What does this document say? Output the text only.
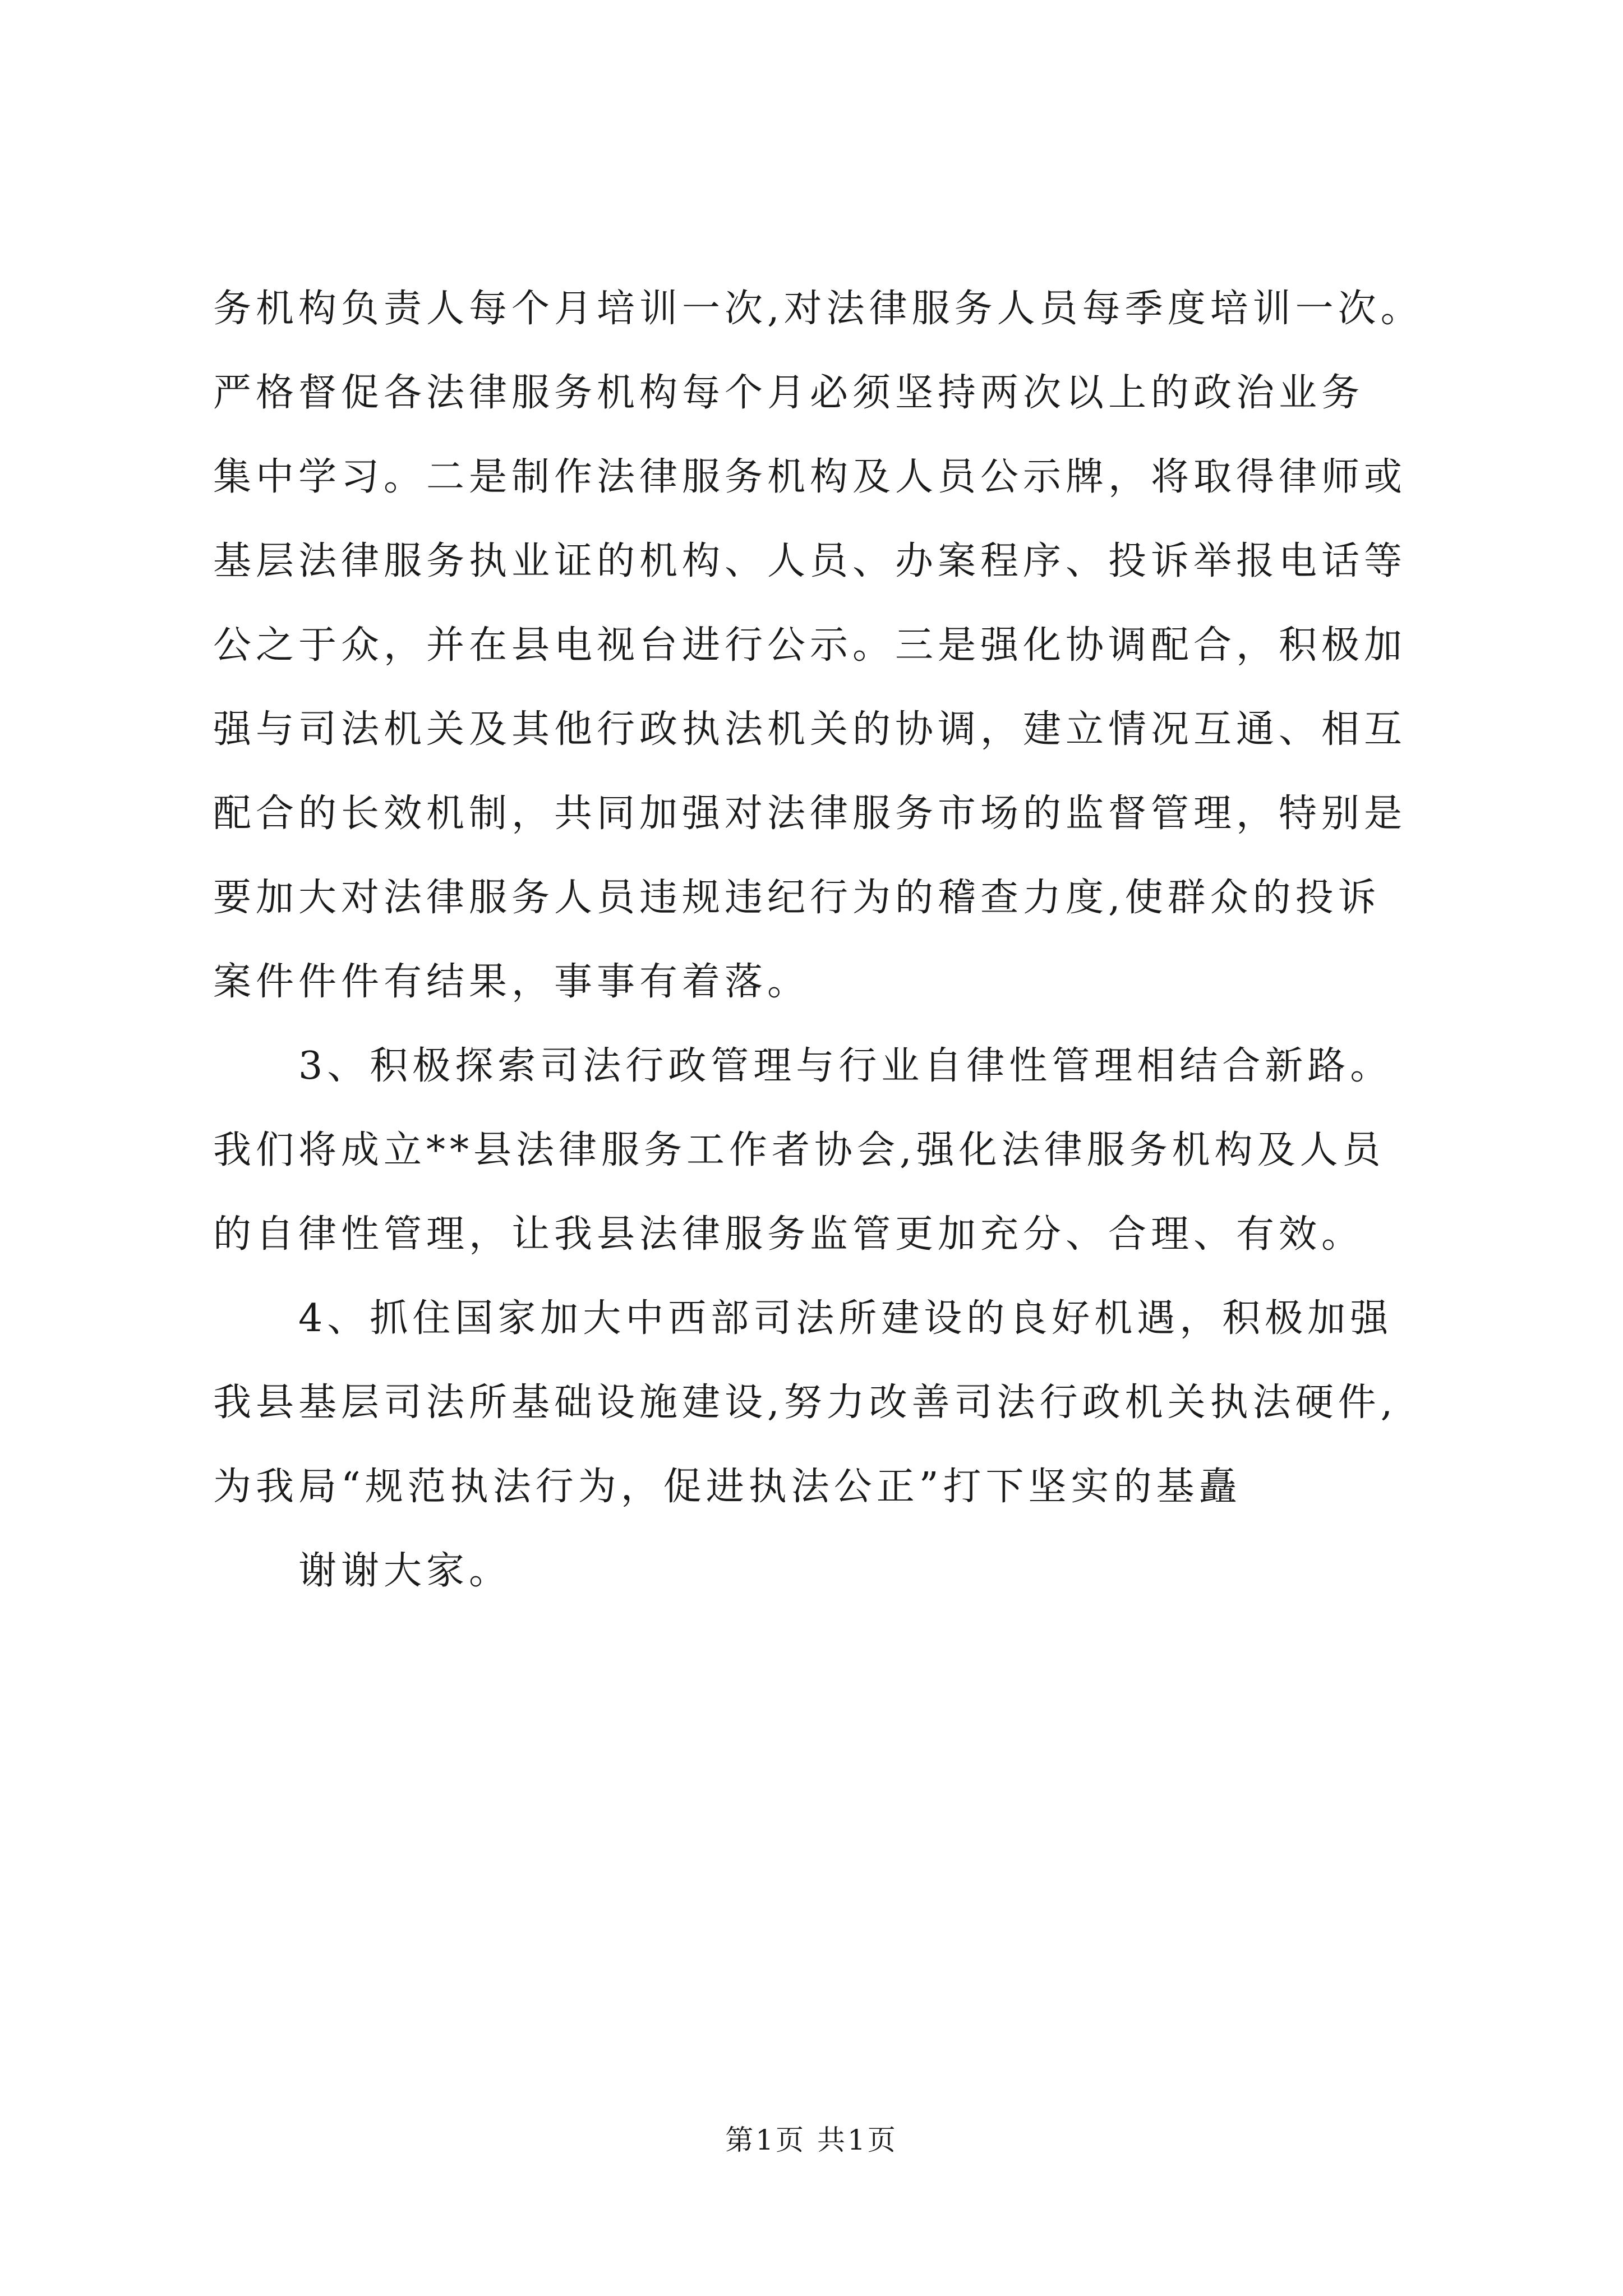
务机构负责人每个月培训一次,对法律服务人员每季度培训一次。
严格督促各法律服务机构每个月必须坚持两次以上的政治业务
集中学习。二是制作法律服务机构及人员公示牌，将取得律师或
基层法律服务执业证的机构、人员、办案程序、投诉举报电话等
公之于众，并在县电视台进行公示。三是强化协调配合，积极加
强与司法机关及其他行政执法机关的协调，建立情况互通、相互
配合的长效机制，共同加强对法律服务市场的监督管理，特别是
要加大对法律服务人员违规违纪行为的稽查力度,使群众的投诉
案件件件有结果，事事有着落。
3、积极探索司法行政管理与行业自律性管理相结合新路。
我们将成立**县法律服务工作者协会,强化法律服务机构及人员
的自律性管理，让我县法律服务监管更加充分、合理、有效。
4、抓住国家加大中西部司法所建设的良好机遇，积极加强
我县基层司法所基础设施建设,努力改善司法行政机关执法硬件,
为我局“规范执法行为，促进执法公正”打下坚实的基矗
谢谢大家。
第1页 共1页
